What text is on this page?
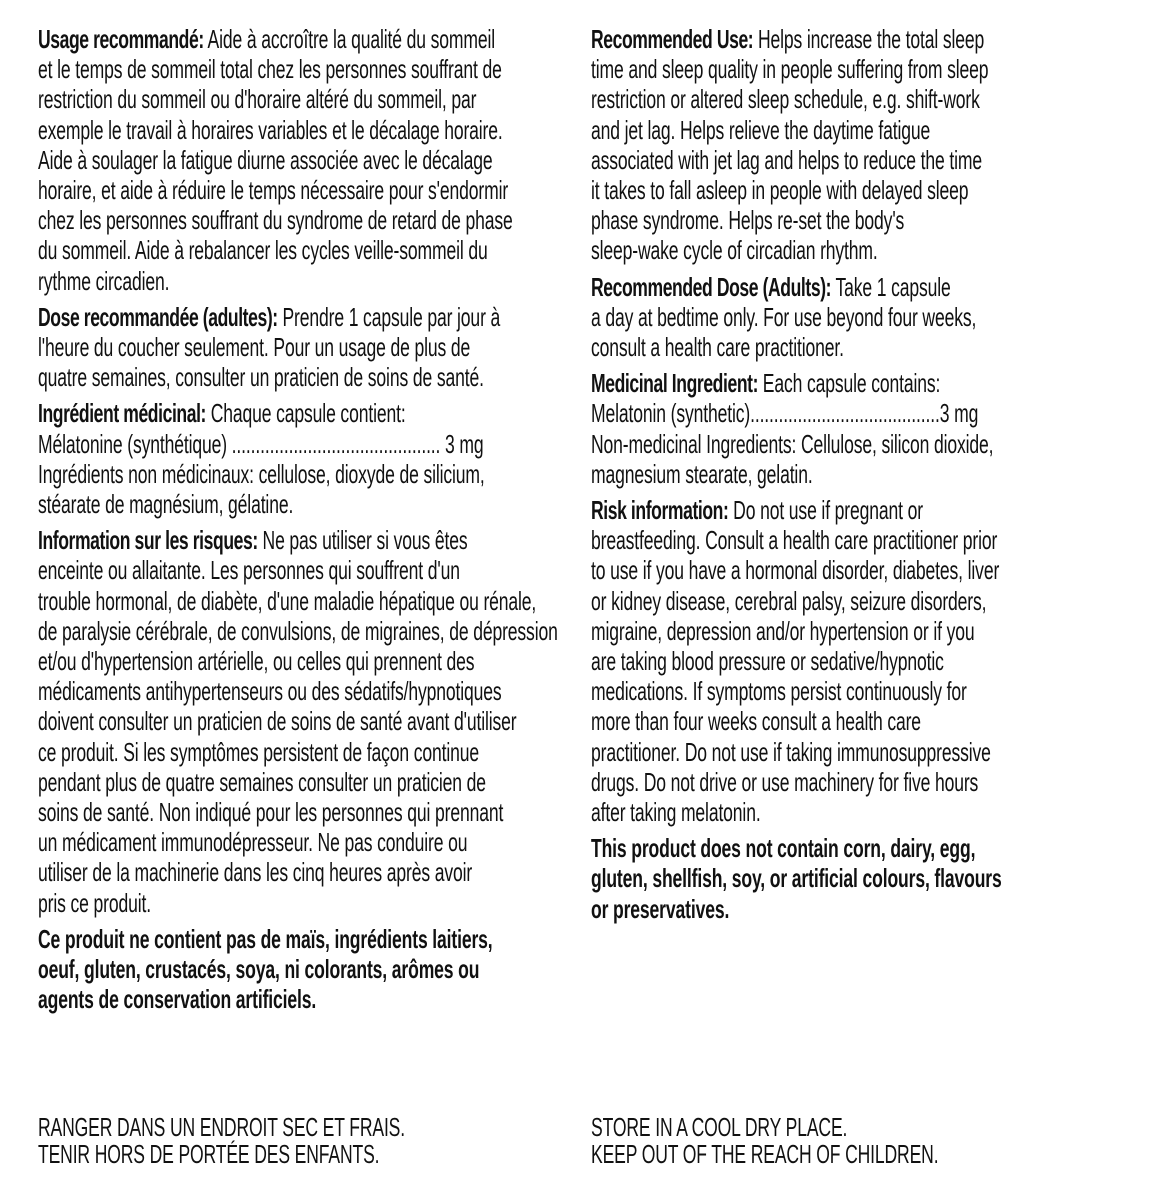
Usage recommandé: Aide à accroître la qualité du sommeil
et le temps de sommeil total chez les personnes souffrant de
restriction du sommeil ou d'horaire altéré du sommeil, par
exemple le travail à horaires variables et le décalage horaire.
Aide à soulager la fatigue diurne associée avec le décalage
horaire, et aide à réduire le temps nécessaire pour s'endormir
chez les personnes souffrant du syndrome de retard de phase
du sommeil. Aide à rebalancer les cycles veille-sommeil du
rythme circadien.
Dose recommandée (adultes): Prendre 1 capsule par jour à
l'heure du coucher seulement. Pour un usage de plus de
quatre semaines, consulter un praticien de soins de santé.
Ingrédient médicinal: Chaque capsule contient:
Mélatonine (synthétique) ............................................ 3 mg
Ingrédients non médicinaux: cellulose, dioxyde de silicium,
stéarate de magnésium, gélatine.
Information sur les risques: Ne pas utiliser si vous êtes
enceinte ou allaitante. Les personnes qui souffrent d'un
trouble hormonal, de diabète, d'une maladie hépatique ou rénale,
de paralysie cérébrale, de convulsions, de migraines, de dépression
et/ou d'hypertension artérielle, ou celles qui prennent des
médicaments antihypertenseurs ou des sédatifs/hypnotiques
doivent consulter un praticien de soins de santé avant d'utiliser
ce produit. Si les symptômes persistent de façon continue
pendant plus de quatre semaines consulter un praticien de
soins de santé. Non indiqué pour les personnes qui prennant
un médicament immunodépresseur. Ne pas conduire ou
utiliser de la machinerie dans les cinq heures après avoir
pris ce produit.
Ce produit ne contient pas de maïs, ingrédients laitiers,
oeuf, gluten, crustacés, soya, ni colorants, arômes ou
agents de conservation artificiels.
Recommended Use: Helps increase the total sleep
time and sleep quality in people suffering from sleep
restriction or altered sleep schedule, e.g. shift-work
and jet lag. Helps relieve the daytime fatigue
associated with jet lag and helps to reduce the time
it takes to fall asleep in people with delayed sleep
phase syndrome. Helps re-set the body's
sleep-wake cycle of circadian rhythm.
Recommended Dose (Adults): Take 1 capsule
a day at bedtime only. For use beyond four weeks,
consult a health care practitioner.
Medicinal Ingredient: Each capsule contains:
Melatonin (synthetic)........................................3 mg
Non-medicinal Ingredients: Cellulose, silicon dioxide,
magnesium stearate, gelatin.
Risk information: Do not use if pregnant or
breastfeeding. Consult a health care practitioner prior
to use if you have a hormonal disorder, diabetes, liver
or kidney disease, cerebral palsy, seizure disorders,
migraine, depression and/or hypertension or if you
are taking blood pressure or sedative/hypnotic
medications. If symptoms persist continuously for
more than four weeks consult a health care
practitioner. Do not use if taking immunosuppressive
drugs. Do not drive or use machinery for five hours
after taking melatonin.
This product does not contain corn, dairy, egg,
gluten, shellfish, soy, or artificial colours, flavours
or preservatives.
RANGER DANS UN ENDROIT SEC ET FRAIS.
TENIR HORS DE PORTÉE DES ENFANTS.
STORE IN A COOL DRY PLACE.
KEEP OUT OF THE REACH OF CHILDREN.
